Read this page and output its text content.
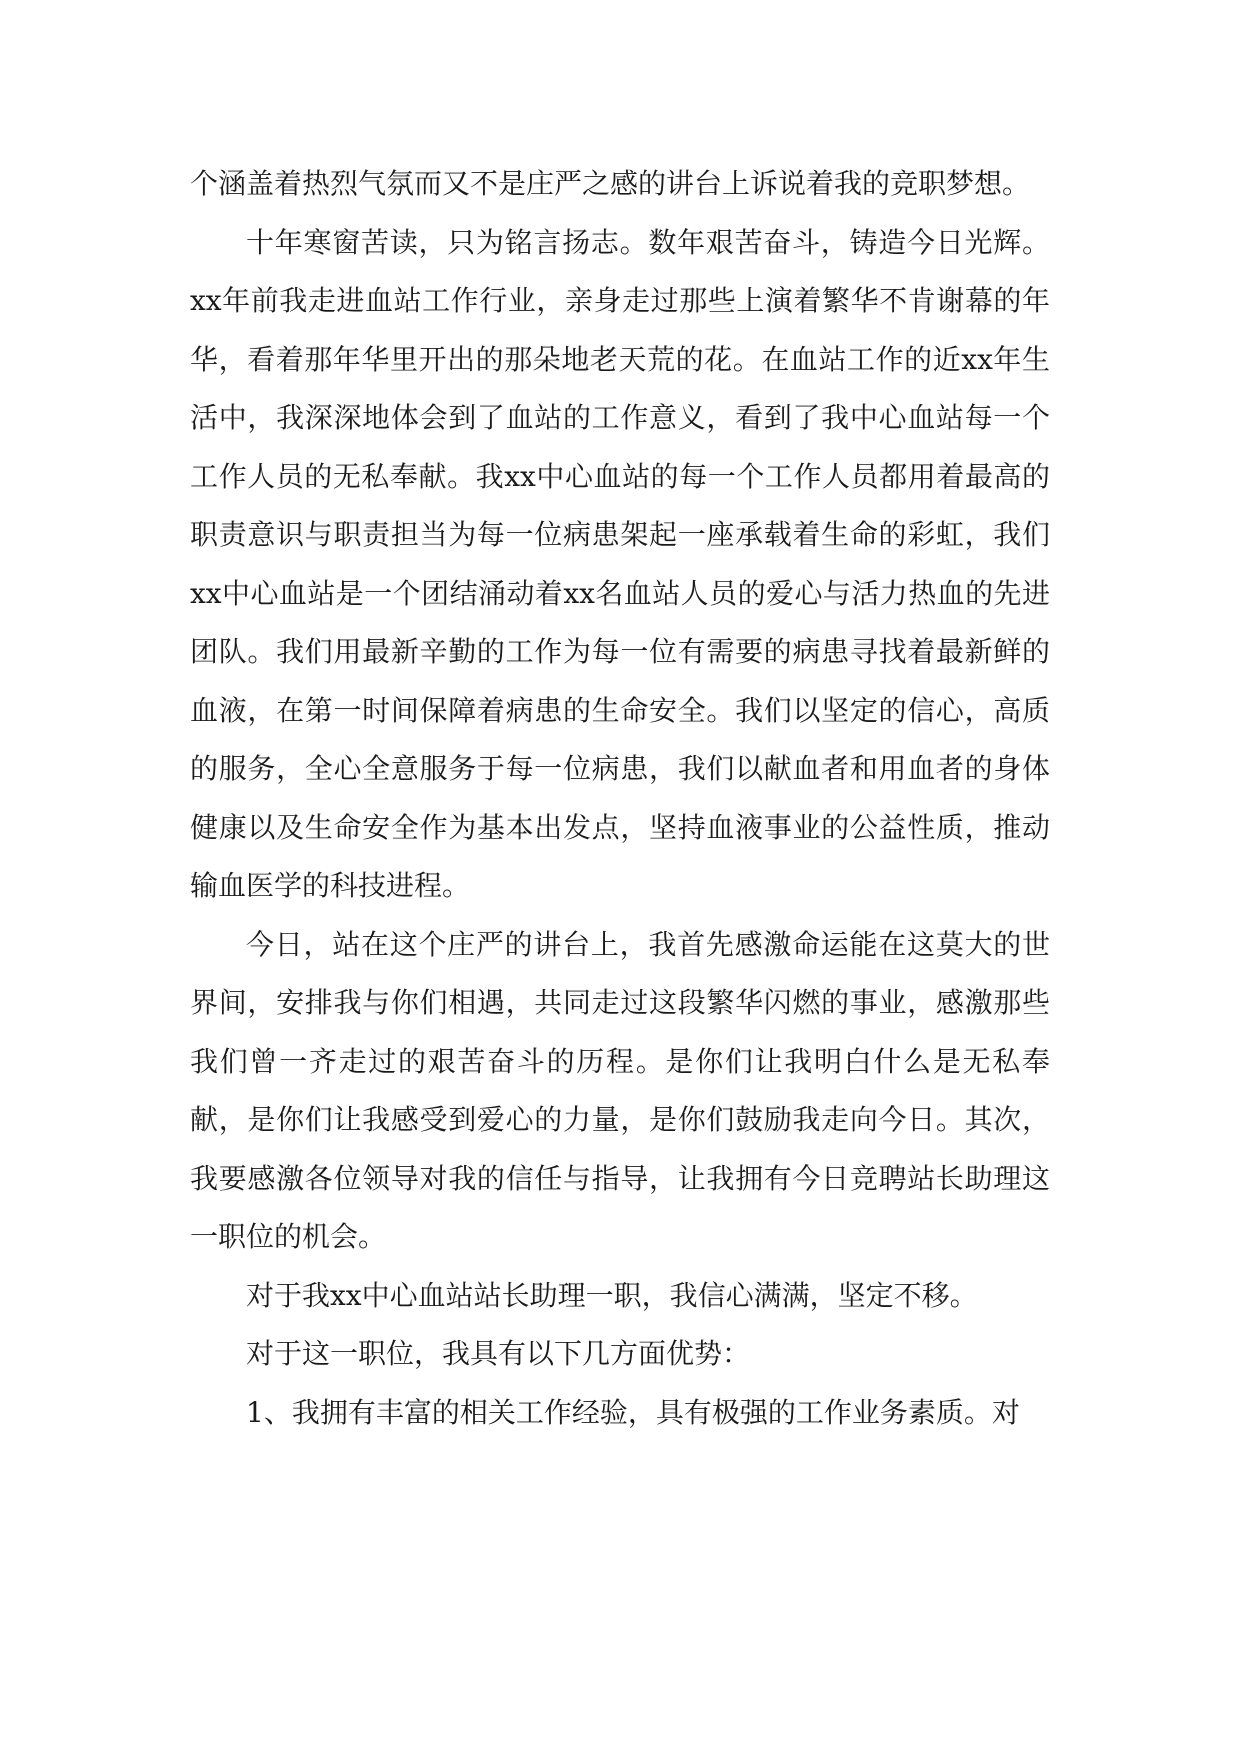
个涵盖着热烈气氛而又不是庄严之感的讲台上诉说着我的竞职梦想。

十年寒窗苦读，只为铭言扬志。数年艰苦奋斗，铸造今日光辉。xx年前我走进血站工作行业，亲身走过那些上演着繁华不肯谢幕的年华，看着那年华里开出的那朵地老天荒的花。在血站工作的近xx年生活中，我深深地体会到了血站的工作意义，看到了我中心血站每一个工作人员的无私奉献。我xx中心血站的每一个工作人员都用着最高的职责意识与职责担当为每一位病患架起一座承载着生命的彩虹，我们xx中心血站是一个团结涌动着xx名血站人员的爱心与活力热血的先进团队。我们用最新辛勤的工作为每一位有需要的病患寻找着最新鲜的血液，在第一时间保障着病患的生命安全。我们以坚定的信心，高质的服务，全心全意服务于每一位病患，我们以献血者和用血者的身体健康以及生命安全作为基本出发点，坚持血液事业的公益性质，推动输血医学的科技进程。

今日，站在这个庄严的讲台上，我首先感激命运能在这莫大的世界间，安排我与你们相遇，共同走过这段繁华闪燃的事业，感激那些我们曾一齐走过的艰苦奋斗的历程。是你们让我明白什么是无私奉献，是你们让我感受到爱心的力量，是你们鼓励我走向今日。其次，我要感激各位领导对我的信任与指导，让我拥有今日竞聘站长助理这一职位的机会。

对于我xx中心血站站长助理一职，我信心满满，坚定不移。

对于这一职位，我具有以下几方面优势：

1、我拥有丰富的相关工作经验，具有极强的工作业务素质。对
